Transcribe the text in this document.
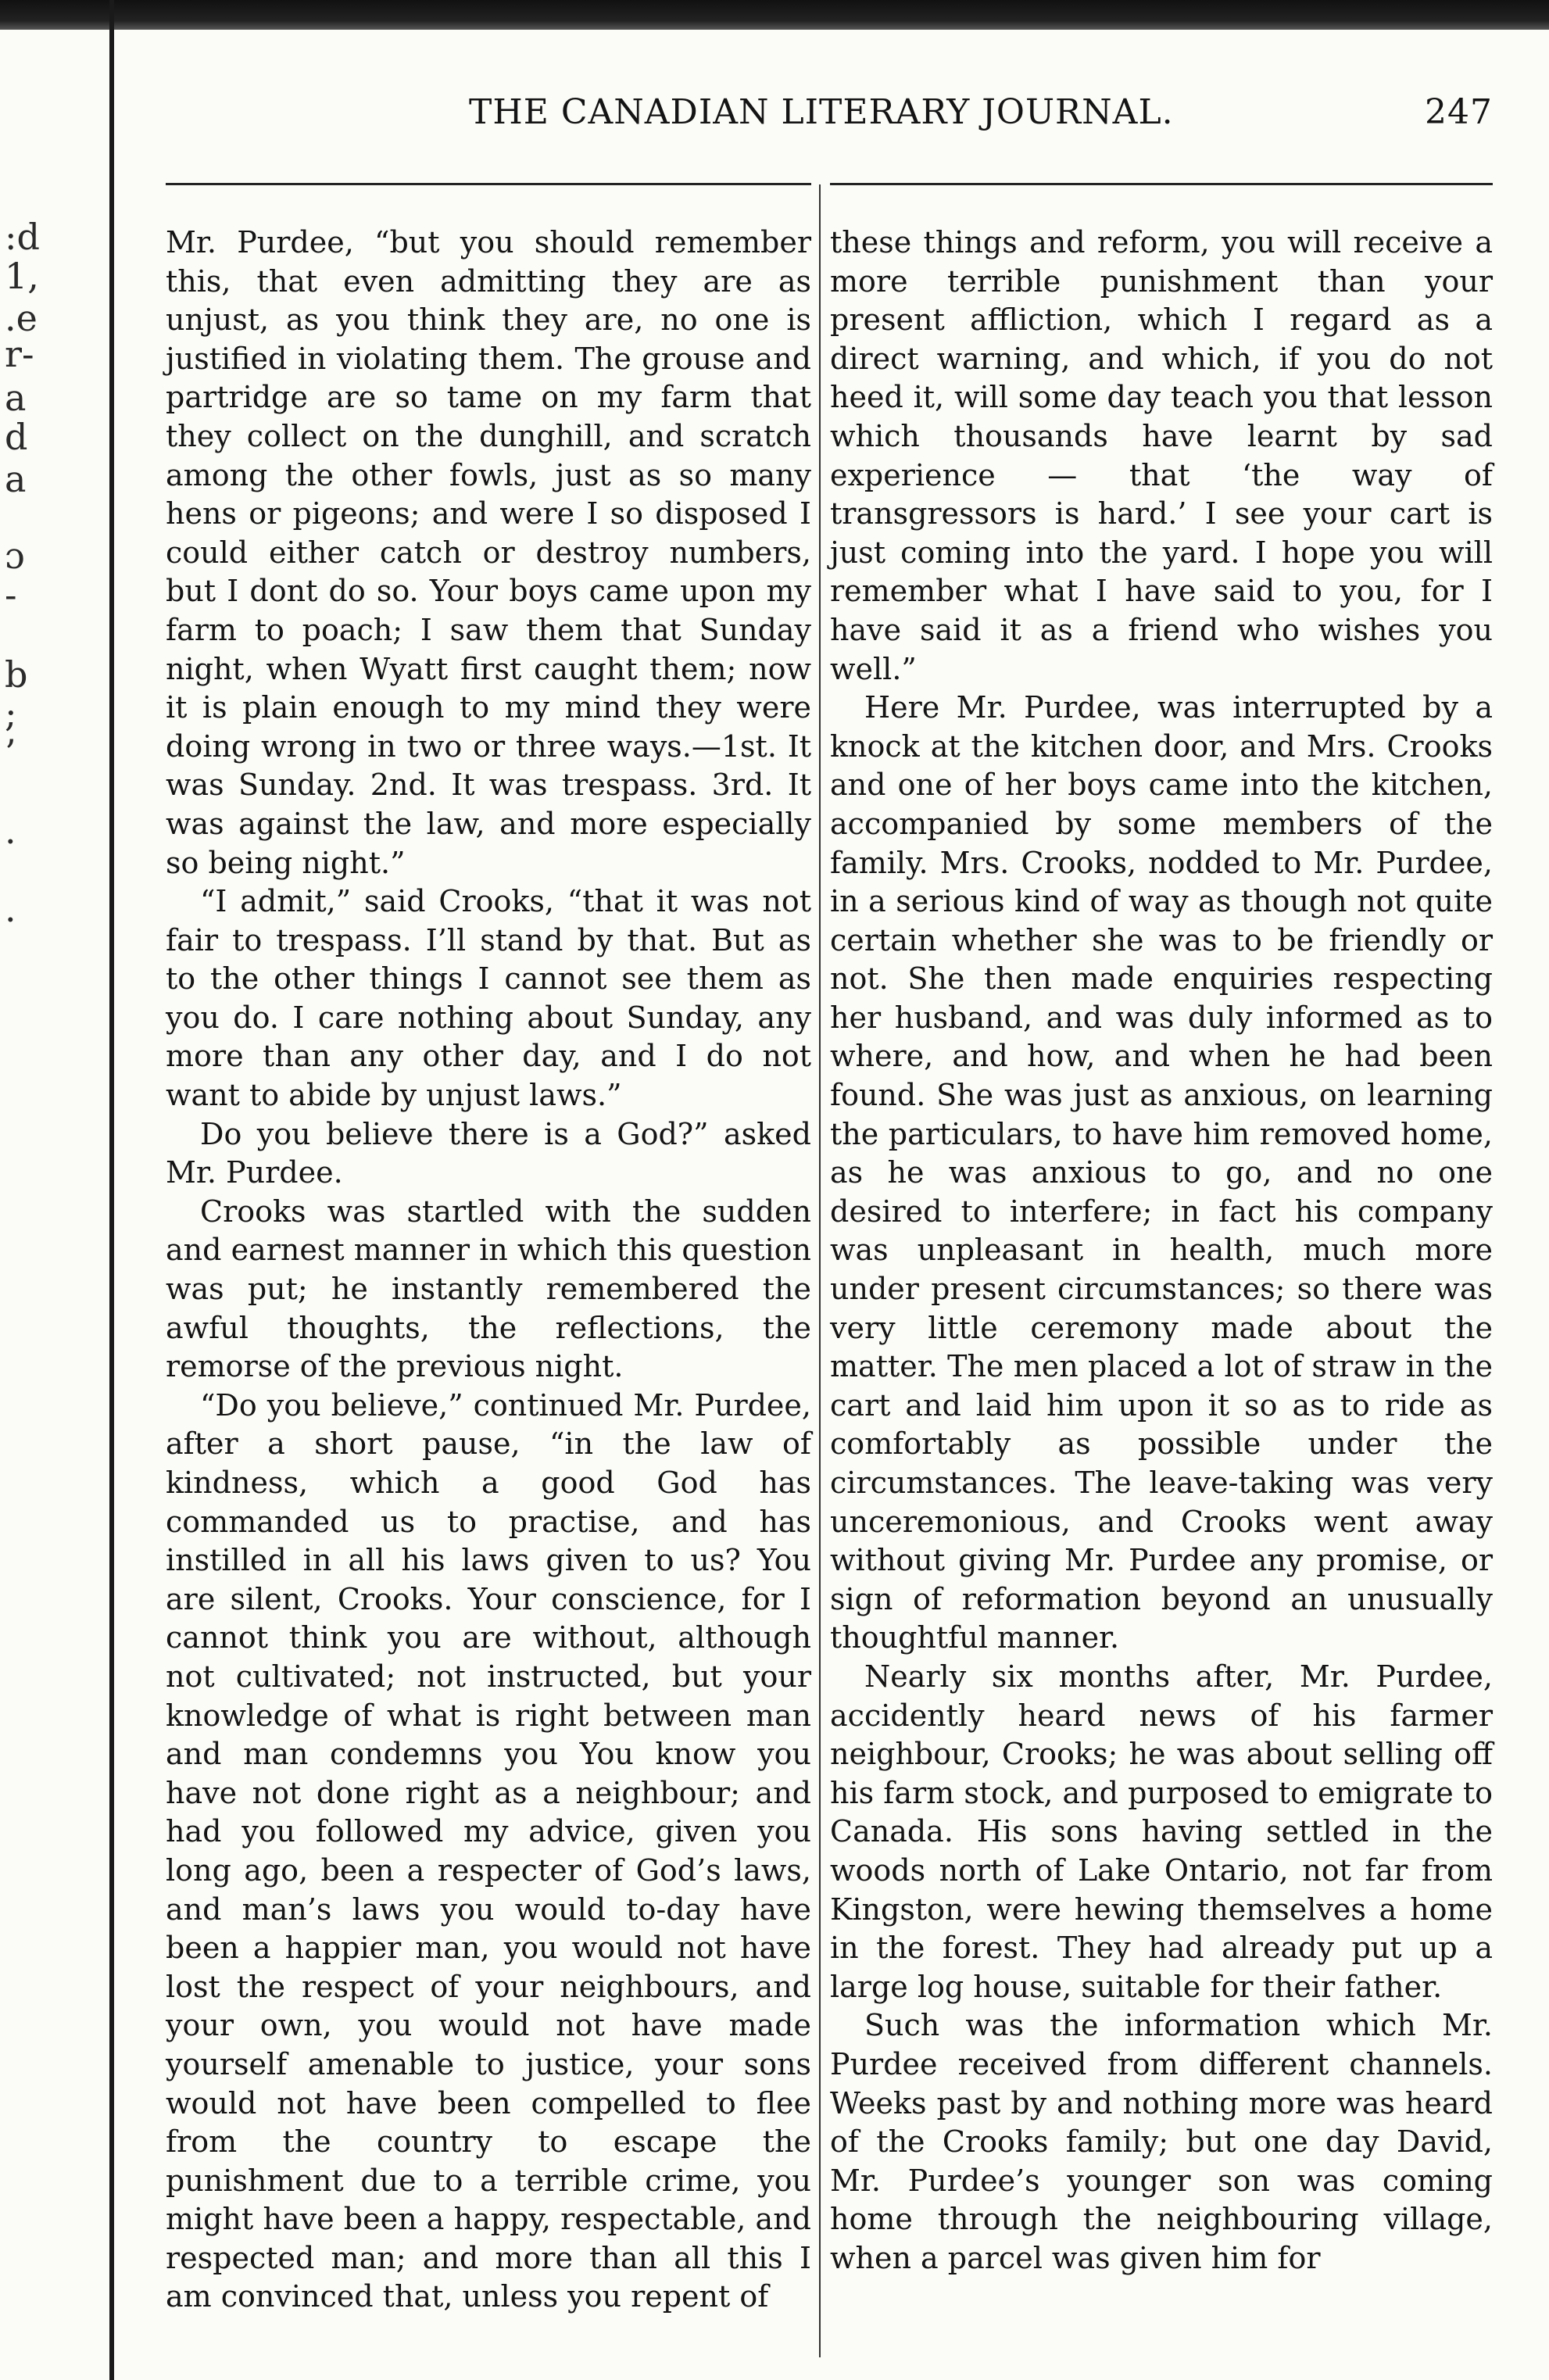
:d
1,
.e
r-
a
d
a
ɔ
-
b
;
’
.
.
THE CANADIAN LITERARY JOURNAL.	247

Mr. Purdee, “but you should remember this, that even admitting they are as unjust, as you think they are, no one is justified in violating them. The grouse and partridge are so tame on my farm that they collect on the dunghill, and scratch among the other fowls, just as so many hens or pigeons; and were I so disposed I could either catch or destroy numbers, but I dont do so. Your boys came upon my farm to poach; I saw them that Sunday night, when Wyatt first caught them; now it is plain enough to my mind they were doing wrong in two or three ways.—1st. It was Sunday. 2nd. It was trespass. 3rd. It was against the law, and more especially so being night.”

“I admit,” said Crooks, “that it was not fair to trespass. I’ll stand by that. But as to the other things I cannot see them as you do. I care nothing about Sunday, any more than any other day, and I do not want to abide by unjust laws.”

Do you believe there is a God?” asked Mr. Purdee.

Crooks was startled with the sudden and earnest manner in which this question was put; he instantly remembered the awful thoughts, the reflections, the remorse of the previous night.

“Do you believe,” continued Mr. Purdee, after a short pause, “in the law of kindness, which a good God has commanded us to practise, and has instilled in all his laws given to us? You are silent, Crooks. Your conscience, for I cannot think you are without, although not cultivated; not instructed, but your knowledge of what is right between man and man condemns you You know you have not done right as a neighbour; and had you followed my advice, given you long ago, been a respecter of God’s laws, and man’s laws you would to-day have been a happier man, you would not have lost the respect of your neighbours, and your own, you would not have made yourself amenable to justice, your sons would not have been compelled to flee from the country to escape the punishment due to a terrible crime, you might have been a happy, respectable, and respected man; and more than all this I am convinced that, unless you repent of

these things and reform, you will receive a more terrible punishment than your present affliction, which I regard as a direct warning, and which, if you do not heed it, will some day teach you that lesson which thousands have learnt by sad experience — that ‘the way of transgressors is hard.’ I see your cart is just coming into the yard. I hope you will remember what I have said to you, for I have said it as a friend who wishes you well.”

Here Mr. Purdee, was interrupted by a knock at the kitchen door, and Mrs. Crooks and one of her boys came into the kitchen, accompanied by some members of the family. Mrs. Crooks, nodded to Mr. Purdee, in a serious kind of way as though not quite certain whether she was to be friendly or not. She then made enquiries respecting her husband, and was duly informed as to where, and how, and when he had been found. She was just as anxious, on learning the particulars, to have him removed home, as he was anxious to go, and no one desired to interfere; in fact his company was unpleasant in health, much more under present circumstances; so there was very little ceremony made about the matter. The men placed a lot of straw in the cart and laid him upon it so as to ride as comfortably as possible under the circumstances. The leave-taking was very unceremonious, and Crooks went away without giving Mr. Purdee any promise, or sign of reformation beyond an unusually thoughtful manner.

Nearly six months after, Mr. Purdee, accidently heard news of his farmer neighbour, Crooks; he was about selling off his farm stock, and purposed to emigrate to Canada. His sons having settled in the woods north of Lake Ontario, not far from Kingston, were hewing themselves a home in the forest. They had already put up a large log house, suitable for their father.

Such was the information which Mr. Purdee received from different channels. Weeks past by and nothing more was heard of the Crooks family; but one day David, Mr. Purdee’s younger son was coming home through the neighbouring village, when a parcel was given him for
